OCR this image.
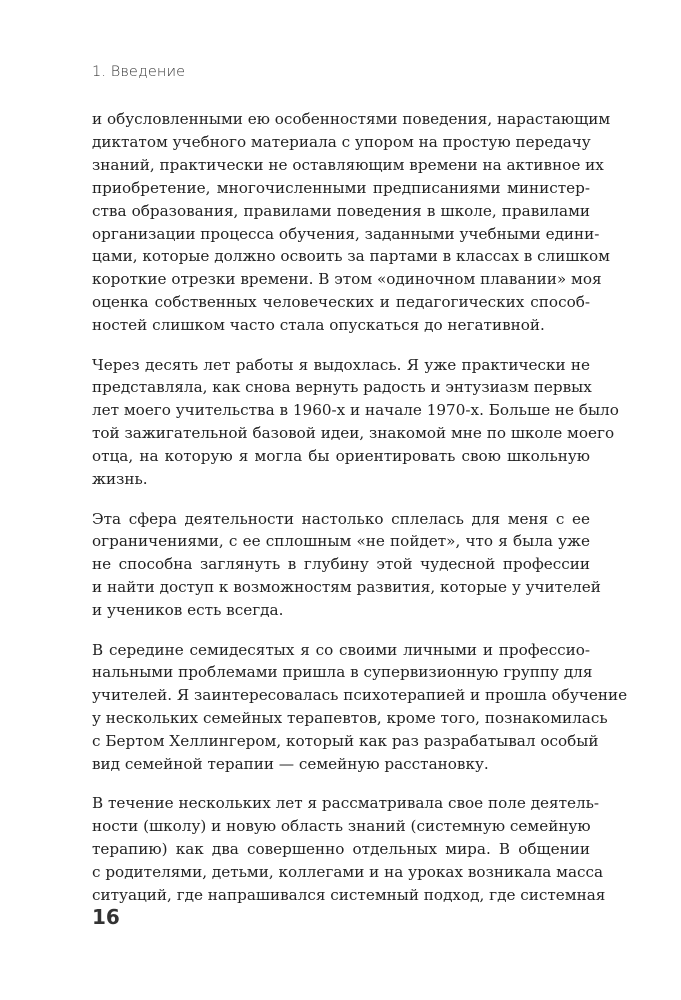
1. Введение

и обусловленными ею особенностями поведения, нарастающим
диктатом учебного материала с упором на простую передачу
знаний, практически не оставляющим времени на активное их
приобретение, многочисленными предписаниями министер-
ства образования, правилами поведения в школе, правилами
организации процесса обучения, заданными учебными едини-
цами, которые должно освоить за партами в классах в слишком
короткие отрезки времени. В этом «одиночном плавании» моя
оценка собственных человеческих и педагогических способ-
ностей слишком часто стала опускаться до негативной.

Через десять лет работы я выдохлась. Я уже практически не
представляла, как снова вернуть радость и энтузиазм первых
лет моего учительства в 1960-х и начале 1970-х. Больше не было
той зажигательной базовой идеи, знакомой мне по школе моего
отца, на которую я могла бы ориентировать свою школьную
жизнь.

Эта сфера деятельности настолько сплелась для меня с ее
ограничениями, с ее сплошным «не пойдет», что я была уже
не способна заглянуть в глубину этой чудесной профессии
и найти доступ к возможностям развития, которые у учителей
и учеников есть всегда.

В середине семидесятых я со своими личными и профессио-
нальными проблемами пришла в супервизионную группу для
учителей. Я заинтересовалась психотерапией и прошла обучение
у нескольких семейных терапевтов, кроме того, познакомилась
с Бертом Хеллингером, который как раз разрабатывал особый
вид семейной терапии — семейную расстановку.

В течение нескольких лет я рассматривала свое поле деятель-
ности (школу) и новую область знаний (системную семейную
терапию) как два совершенно отдельных мира. В общении
с родителями, детьми, коллегами и на уроках возникала масса
ситуаций, где напрашивался системный подход, где системная

16
